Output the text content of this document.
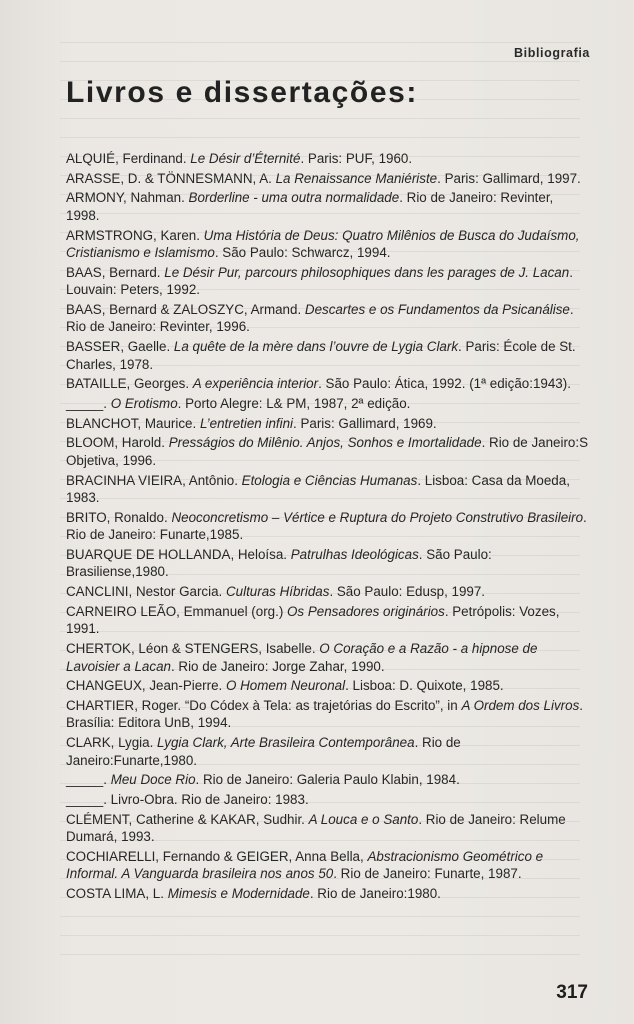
Bibliografia
Livros e dissertações:
ALQUIÉ, Ferdinand. Le Désir d’Éternité. Paris: PUF, 1960.
ARASSE, D. & TÖNNESMANN, A. La Renaissance Maniériste. Paris: Gallimard, 1997.
ARMONY, Nahman. Borderline - uma outra normalidade. Rio de Janeiro: Revinter, 1998.
ARMSTRONG, Karen. Uma História de Deus: Quatro Milênios de Busca do Judaísmo, Cristianismo e Islamismo. São Paulo: Schwarcz, 1994.
BAAS, Bernard. Le Désir Pur, parcours philosophiques dans les parages de J. Lacan. Louvain: Peters, 1992.
BAAS, Bernard & ZALOSZYC, Armand. Descartes e os Fundamentos da Psicanálise. Rio de Janeiro: Revinter, 1996.
BASSER, Gaelle. La quête de la mère dans l’ouvre de Lygia Clark. Paris: École de St. Charles, 1978.
BATAILLE, Georges. A experiência interior. São Paulo: Ática, 1992. (1ª edição:1943).
_____. O Erotismo. Porto Alegre: L& PM, 1987, 2ª edição.
BLANCHOT, Maurice. L’entretien infini. Paris: Gallimard, 1969.
BLOOM, Harold. Presságios do Milênio. Anjos, Sonhos e Imortalidade. Rio de Janeiro:S Objetiva, 1996.
BRACINHA VIEIRA, Antônio. Etologia e Ciências Humanas. Lisboa: Casa da Moeda, 1983.
BRITO, Ronaldo. Neoconcretismo – Vértice e Ruptura do Projeto Construtivo Brasileiro. Rio de Janeiro: Funarte,1985.
BUARQUE DE HOLLANDA, Heloísa. Patrulhas Ideológicas. São Paulo: Brasiliense,1980.
CANCLINI, Nestor Garcia. Culturas Híbridas. São Paulo: Edusp, 1997.
CARNEIRO LEÃO, Emmanuel (org.) Os Pensadores originários. Petrópolis: Vozes, 1991.
CHERTOK, Léon & STENGERS, Isabelle. O Coração e a Razão - a hipnose de Lavoisier a Lacan. Rio de Janeiro: Jorge Zahar, 1990.
CHANGEUX, Jean-Pierre. O Homem Neuronal. Lisboa: D. Quixote, 1985.
CHARTIER, Roger. “Do Códex à Tela: as trajetórias do Escrito”, in A Ordem dos Livros. Brasília: Editora UnB, 1994.
CLARK, Lygia. Lygia Clark, Arte Brasileira Contemporânea. Rio de Janeiro:Funarte,1980.
_____. Meu Doce Rio. Rio de Janeiro: Galeria Paulo Klabin, 1984.
_____. Livro-Obra. Rio de Janeiro: 1983.
CLÉMENT, Catherine & KAKAR, Sudhir. A Louca e o Santo. Rio de Janeiro: Relume Dumará, 1993.
COCHIARELLI, Fernando & GEIGER, Anna Bella, Abstracionismo Geométrico e Informal. A Vanguarda brasileira nos anos 50. Rio de Janeiro: Funarte, 1987.
COSTA LIMA, L. Mimesis e Modernidade. Rio de Janeiro:1980.
317
